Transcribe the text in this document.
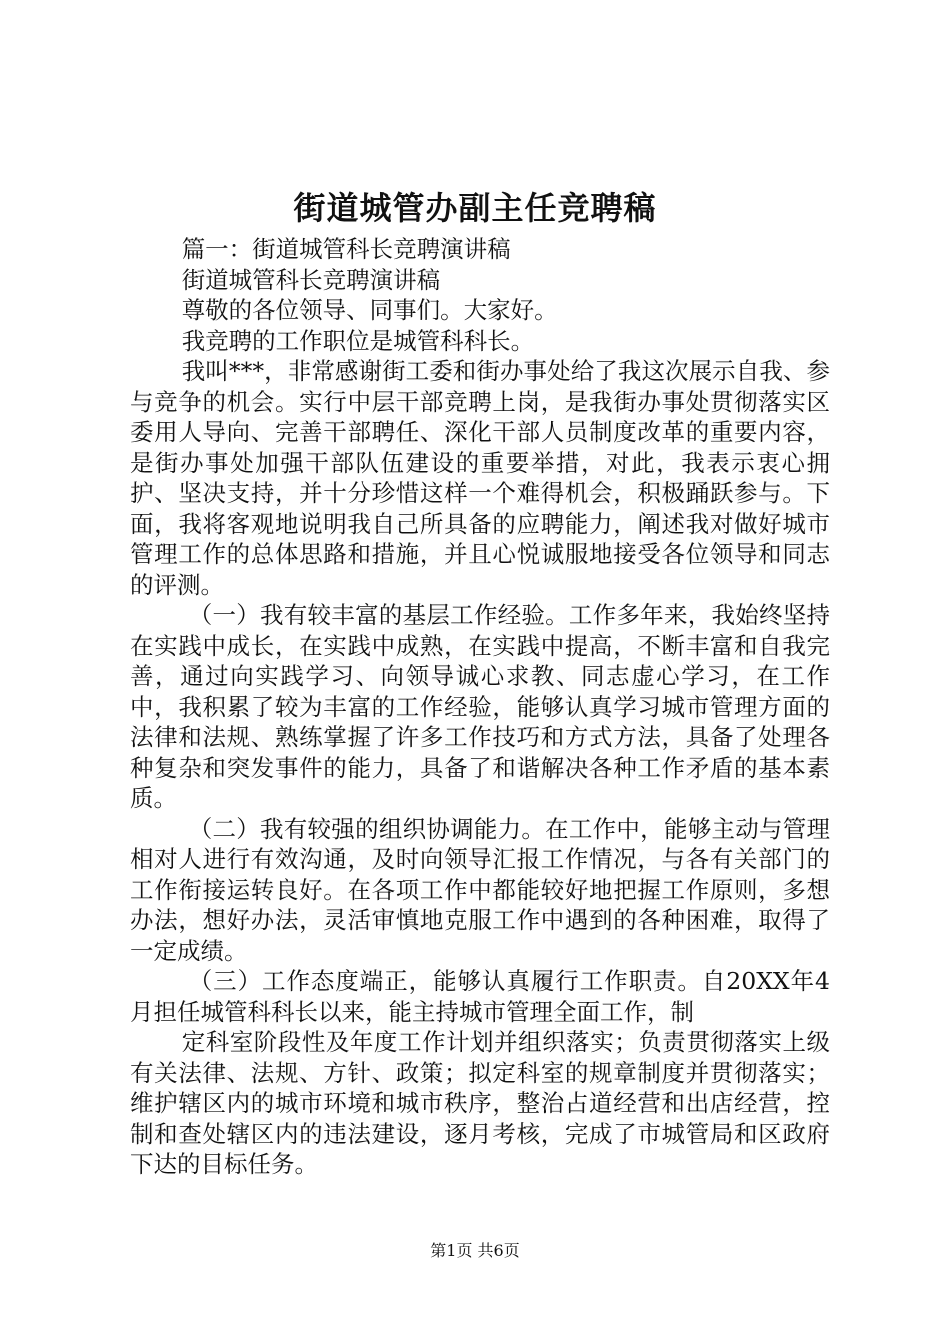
街道城管办副主任竞聘稿

篇一：街道城管科长竞聘演讲稿

街道城管科长竞聘演讲稿

尊敬的各位领导、同事们。大家好。

我竞聘的工作职位是城管科科长。

我叫***，非常感谢街工委和街办事处给了我这次展示自我、参与竞争的机会。实行中层干部竞聘上岗，是我街办事处贯彻落实区委用人导向、完善干部聘任、深化干部人员制度改革的重要内容，是街办事处加强干部队伍建设的重要举措，对此，我表示衷心拥护、坚决支持，并十分珍惜这样一个难得机会，积极踊跃参与。下面，我将客观地说明我自己所具备的应聘能力，阐述我对做好城市管理工作的总体思路和措施，并且心悦诚服地接受各位领导和同志的评测。

（一）我有较丰富的基层工作经验。工作多年来，我始终坚持在实践中成长，在实践中成熟，在实践中提高，不断丰富和自我完善，通过向实践学习、向领导诚心求教、同志虚心学习，在工作中，我积累了较为丰富的工作经验，能够认真学习城市管理方面的法律和法规、熟练掌握了许多工作技巧和方式方法，具备了处理各种复杂和突发事件的能力，具备了和谐解决各种工作矛盾的基本素质。

（二）我有较强的组织协调能力。在工作中，能够主动与管理相对人进行有效沟通，及时向领导汇报工作情况，与各有关部门的工作衔接运转良好。在各项工作中都能较好地把握工作原则，多想办法，想好办法，灵活审慎地克服工作中遇到的各种困难，取得了一定成绩。

（三）工作态度端正，能够认真履行工作职责。自20XX年4月担任城管科科长以来，能主持城市管理全面工作，制

定科室阶段性及年度工作计划并组织落实；负责贯彻落实上级有关法律、法规、方针、政策；拟定科室的规章制度并贯彻落实；维护辖区内的城市环境和城市秩序，整治占道经营和出店经营，控制和查处辖区内的违法建设，逐月考核，完成了市城管局和区政府下达的目标任务。

第1页 共6页
